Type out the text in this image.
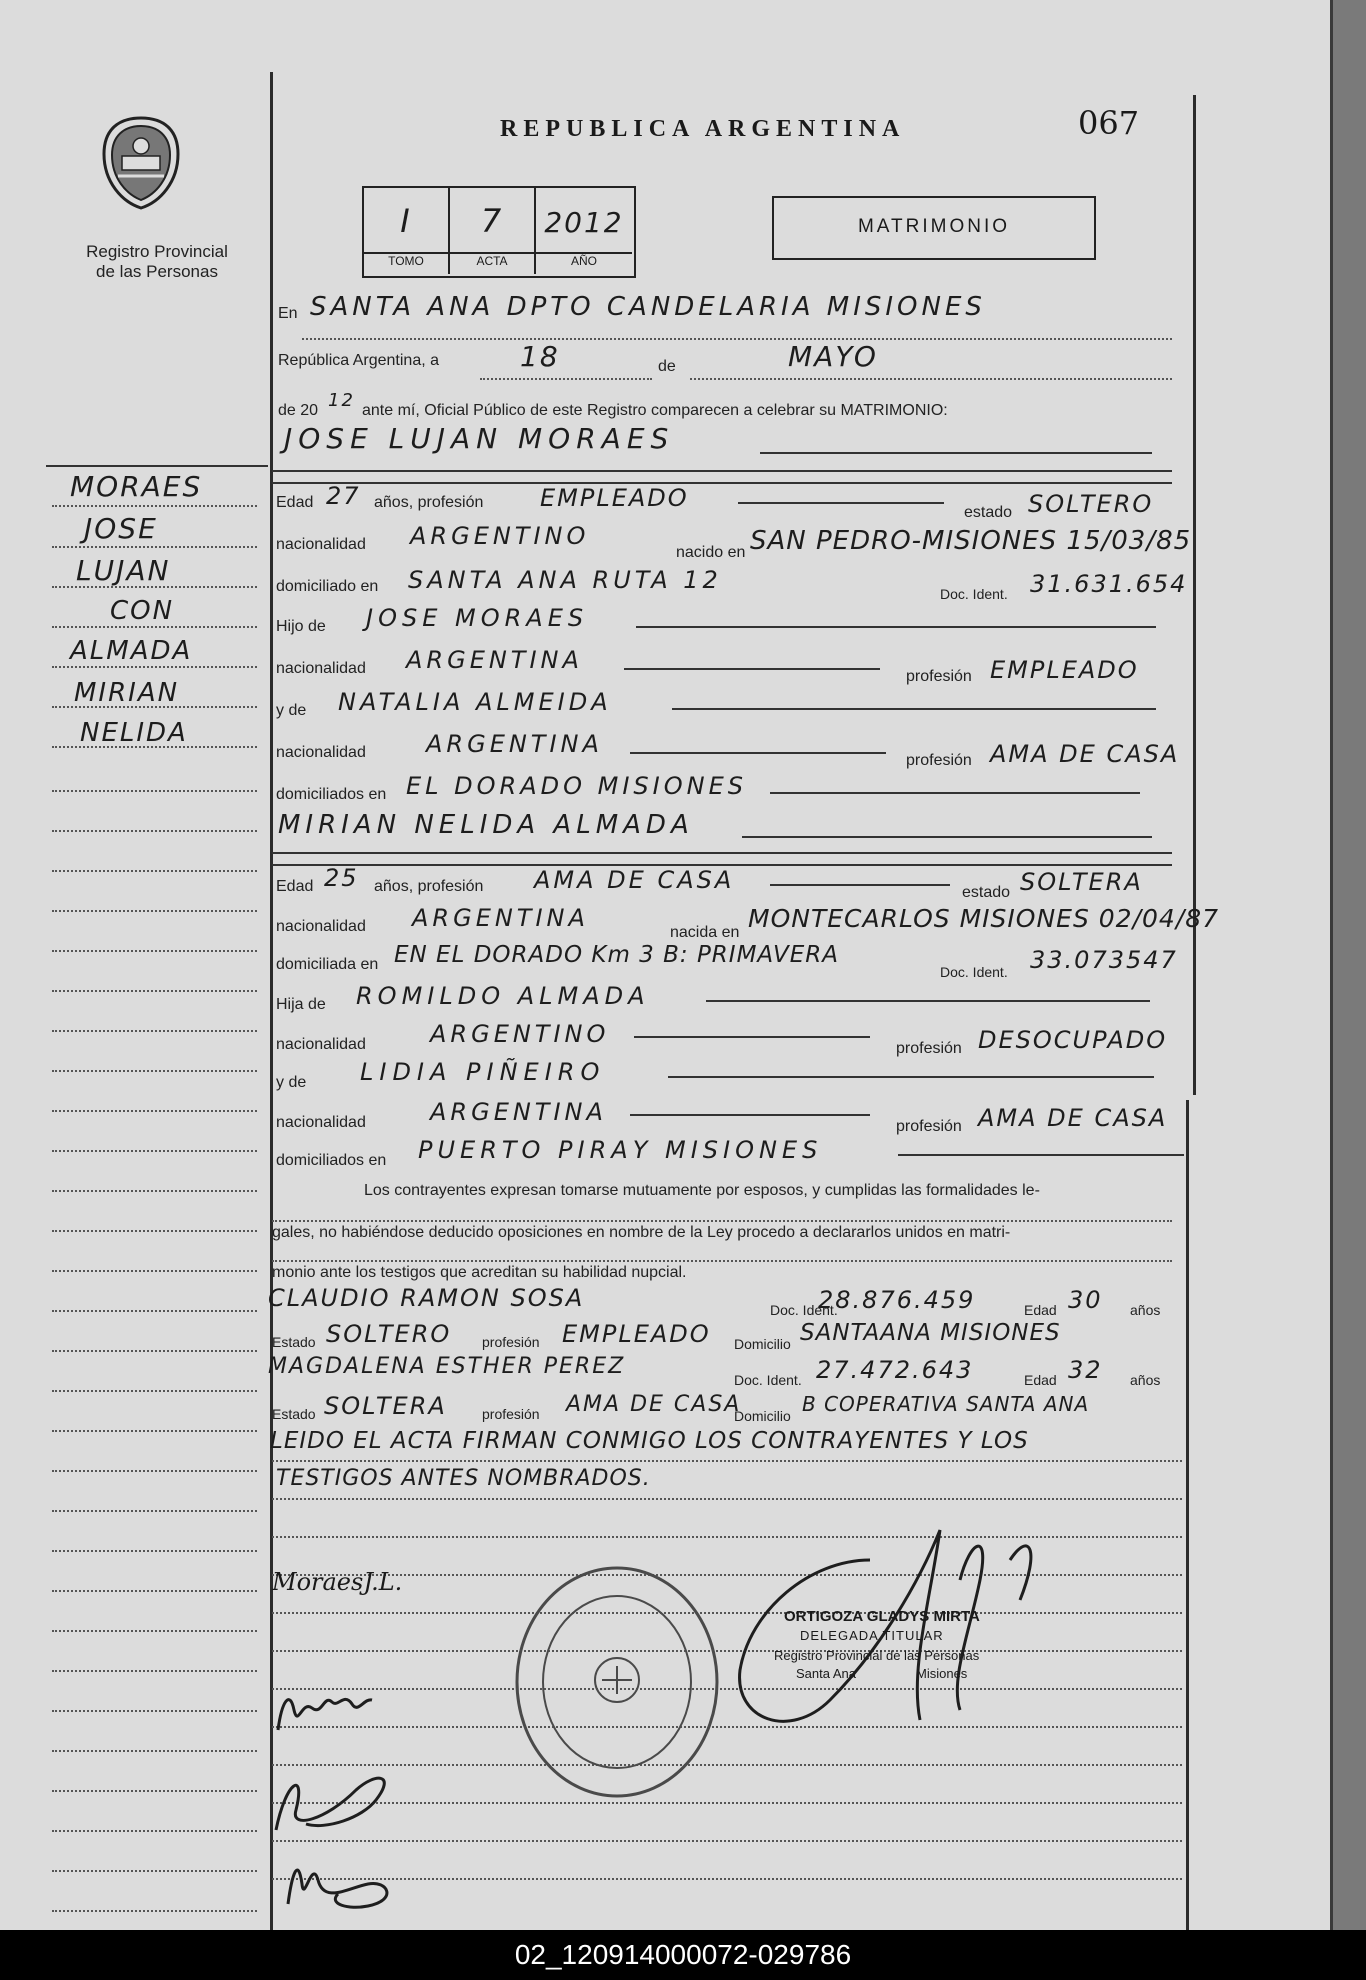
Registro Provincial
de las Personas
REPUBLICA ARGENTINA	067
I	7	2012
TOMO	ACTA	AÑO
MATRIMONIO
MORAES
JOSE
LUJAN
CON
ALMADA
MIRIAN
NELIDA
En SANTA ANA DPTO CANDELARIA MISIONES
República Argentina, a	18	de	MAYO
de 20 12 ante mí, Oficial Público de este Registro comparecen a celebrar su MATRIMONIO:
JOSE LUJAN MORAES
Edad 27 años, profesión EMPLEADO
estado SOLTERO
nacionalidad ARGENTINO
nacido en SAN PEDRO-MISIONES 15/03/85
domiciliado en SANTA ANA RUTA 12	Doc. Ident. 31.631.654
Hijo de JOSE MORAES
nacionalidad ARGENTINA
profesión EMPLEADO
y de NATALIA ALMEIDA
nacionalidad	ARGENTINA
profesión AMA DE CASA
domiciliados en EL DORADO MISIONES
MIRIAN NELIDA ALMADA
Edad 25 años, profesión AMA DE CASA	estado SOLTERA
nacionalidad ARGENTINA
nacida en MONTECARLOS MISIONES 02/04/87
domiciliada en EN EL DORADO Km 3 B: PRIMAVERA
Doc. Ident. 33.073547
Hija de ROMILDO ALMADA
nacionalidad	ARGENTINO
profesión DESOCUPADO
y de LIDIA PIÑEIRO
nacionalidad	ARGENTINA
profesión AMA DE CASA
domiciliados en PUERTO PIRAY MISIONES
Los contrayentes expresan tomarse mutuamente por esposos, y cumplidas las formalidades le-
gales, no habiéndose deducido oposiciones en nombre de la Ley procedo a declararlos unidos en matri-
monio ante los testigos que acreditan su habilidad nupcial.
CLAUDIO RAMON SOSA	Doc. Ident.
28.876.459	Edad 30 años
Estado SOLTERO profesión EMPLEADO Domicilio SANTAANA MISIONES
MAGDALENA ESTHER PEREZ
Doc. Ident. 27.472.643	Edad 32 años
Estado SOLTERA	profesión AMA DE CASA
Domicilio B COPERATIVA SANTA ANA
LEIDO EL ACTA FIRMAN CONMIGO LOS CONTRAYENTES Y LOS
TESTIGOS ANTES NOMBRADOS.
MoraesJ.L.
ORTIGOZA GLADYS MIRTA
DELEGADA TITULAR
Registro Provincial de las Personas
Santa Ana	Misiones
02_120914000072-029786
